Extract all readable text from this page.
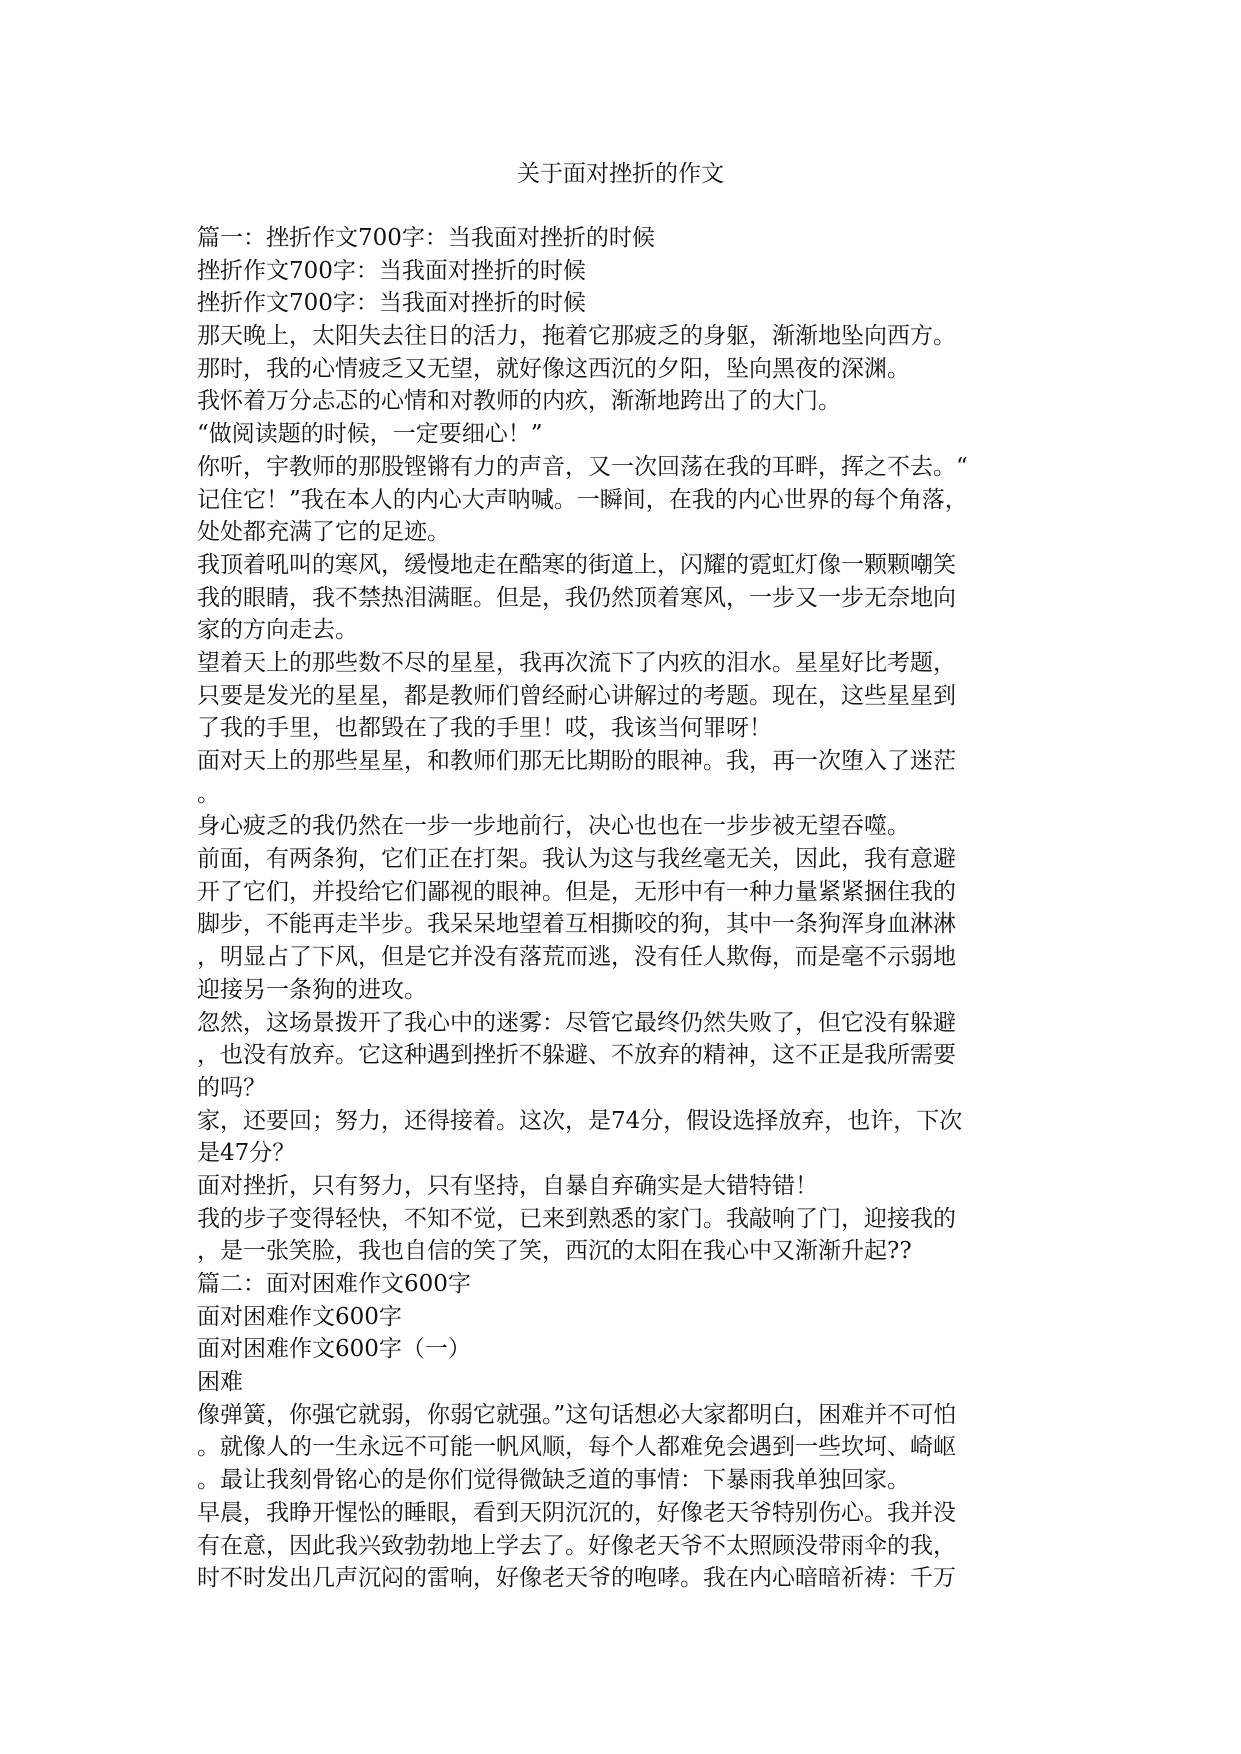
关于面对挫折的作文
篇一：挫折作文700字：当我面对挫折的时候
挫折作文700字：当我面对挫折的时候
挫折作文700字：当我面对挫折的时候
那天晚上，太阳失去往日的活力，拖着它那疲乏的身躯，渐渐地坠向西方。
那时，我的心情疲乏又无望，就好像这西沉的夕阳，坠向黑夜的深渊。
我怀着万分忐忑的心情和对教师的内疚，渐渐地跨出了的大门。
“做阅读题的时候，一定要细心！”
你听，宇教师的那股铿锵有力的声音，又一次回荡在我的耳畔，挥之不去。“
记住它！”我在本人的内心大声呐喊。一瞬间，在我的内心世界的每个角落，
处处都充满了它的足迹。
我顶着吼叫的寒风，缓慢地走在酷寒的街道上，闪耀的霓虹灯像一颗颗嘲笑
我的眼睛，我不禁热泪满眶。但是，我仍然顶着寒风，一步又一步无奈地向
家的方向走去。
望着天上的那些数不尽的星星，我再次流下了内疚的泪水。星星好比考题，
只要是发光的星星，都是教师们曾经耐心讲解过的考题。现在，这些星星到
了我的手里，也都毁在了我的手里！哎，我该当何罪呀！
面对天上的那些星星，和教师们那无比期盼的眼神。我，再一次堕入了迷茫
。
身心疲乏的我仍然在一步一步地前行，决心也也在一步步被无望吞噬。
前面，有两条狗，它们正在打架。我认为这与我丝毫无关，因此，我有意避
开了它们，并投给它们鄙视的眼神。但是，无形中有一种力量紧紧捆住我的
脚步，不能再走半步。我呆呆地望着互相撕咬的狗，其中一条狗浑身血淋淋
，明显占了下风，但是它并没有落荒而逃，没有任人欺侮，而是毫不示弱地
迎接另一条狗的进攻。
忽然，这场景拨开了我心中的迷雾：尽管它最终仍然失败了，但它没有躲避
，也没有放弃。它这种遇到挫折不躲避、不放弃的精神，这不正是我所需要
的吗？
家，还要回；努力，还得接着。这次，是74分，假设选择放弃，也许，下次
是47分？
面对挫折，只有努力，只有坚持，自暴自弃确实是大错特错！
我的步子变得轻快，不知不觉，已来到熟悉的家门。我敲响了门，迎接我的
，是一张笑脸，我也自信的笑了笑，西沉的太阳在我心中又渐渐升起??
篇二：面对困难作文600字
面对困难作文600字
面对困难作文600字（一）
困难
像弹簧，你强它就弱，你弱它就强。”这句话想必大家都明白，困难并不可怕
。就像人的一生永远不可能一帆风顺，每个人都难免会遇到一些坎坷、崎岖
。最让我刻骨铭心的是你们觉得微缺乏道的事情：下暴雨我单独回家。
早晨，我睁开惺忪的睡眼，看到天阴沉沉的，好像老天爷特别伤心。我并没
有在意，因此我兴致勃勃地上学去了。好像老天爷不太照顾没带雨伞的我，
时不时发出几声沉闷的雷响，好像老天爷的咆哮。我在内心暗暗祈祷：千万
